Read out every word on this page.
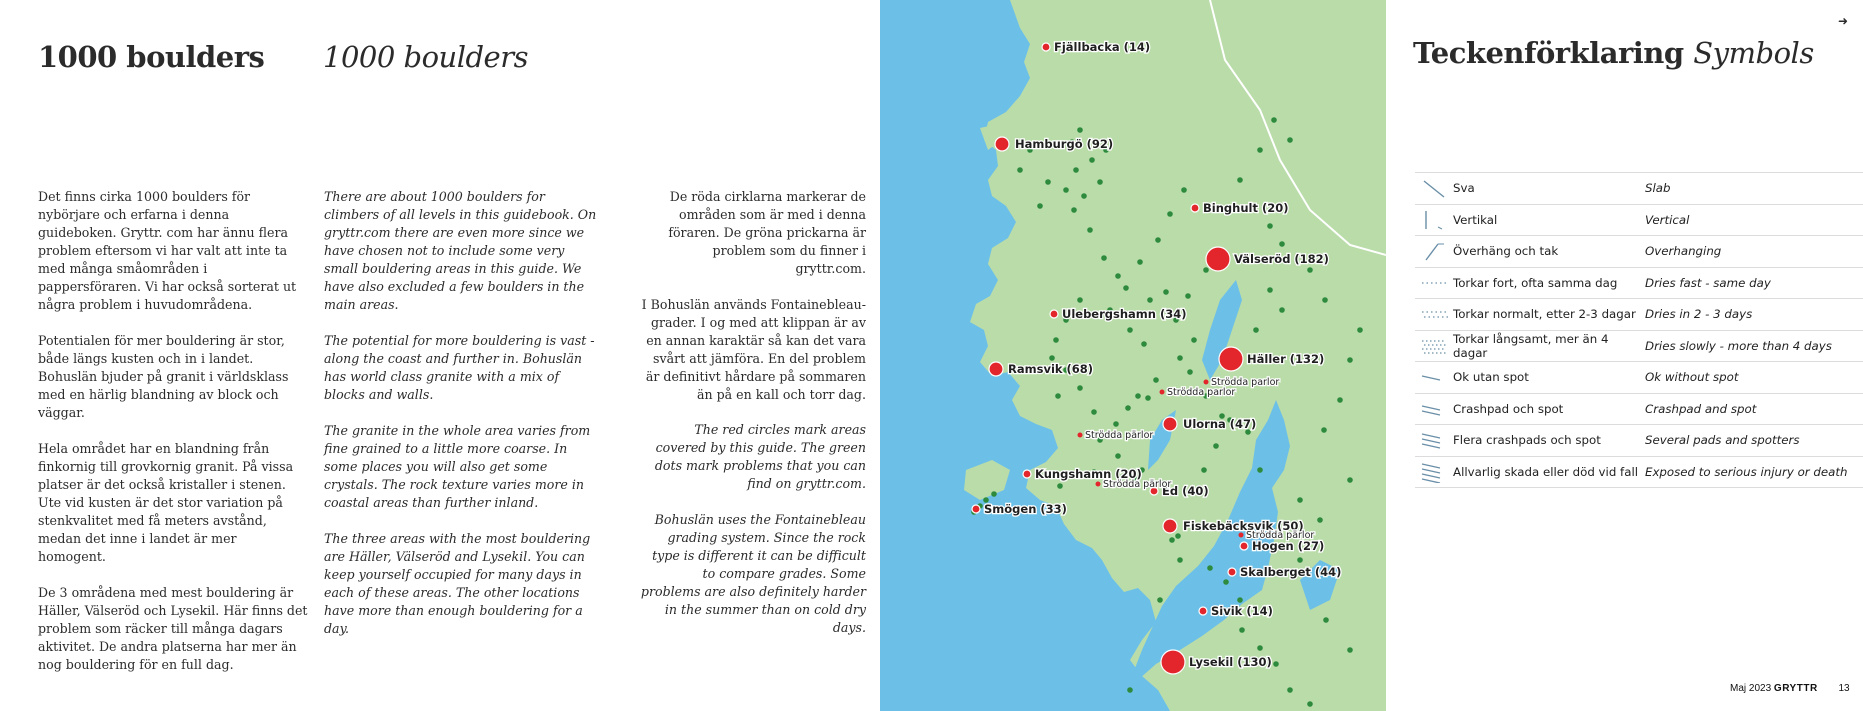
1000 boulders 1000 boulders

Det finns cirka 1000 boulders för nybörjare och erfarna i denna guideboken. Gryttr. com har ännu flera problem eftersom vi har valt att inte ta med många småområden i pappersföraren. Vi har också sorterat ut några problem i huvudområdena.

Potentialen för mer bouldering är stor, både längs kusten och in i landet. Bohuslän bjuder på granit i världsklass med en härlig blandning av block och väggar.

Hela området har en blandning från finkornig till grovkornig granit. På vissa platser är det också kristaller i stenen. Ute vid kusten är det stor variation på stenkvalitet med få meters avstånd, medan det inne i landet är mer homogent.

De 3 områdena med mest bouldering är Häller, Välseröd och Lysekil. Här finns det problem som räcker till många dagars aktivitet. De andra platserna har mer än nog bouldering för en full dag.

There are about 1000 boulders for climbers of all levels in this guidebook. On gryttr.com there are even more since we have chosen not to include some very small bouldering areas in this guide. We have also excluded a few boulders in the main areas.

The potential for more bouldering is vast - along the coast and further in. Bohuslän has world class granite with a mix of blocks and walls.

The granite in the whole area varies from fine grained to a little more coarse. In some places you will also get some crystals. The rock texture varies more in coastal areas than further inland.

The three areas with the most bouldering are Häller, Välseröd and Lysekil. You can keep yourself occupied for many days in each of these areas. The other locations have more than enough bouldering for a day.

De röda cirklarna markerar de områden som är med i denna föraren. De gröna prickarna är problem som du finner i gryttr.com.

I Bohuslän används Fontainebleau-grader. I og med att klippan är av en annan karaktär så kan det vara svårt att jämföra. En del problem är definitivt hårdare på sommaren än på en kall och torr dag.

The red circles mark areas covered by this guide. The green dots mark problems that you can find on gryttr.com.

Bohuslän uses the Fontainebleau grading system. Since the rock type is different it can be difficult to compare grades. Some problems are also definitely harder in the summer than on cold dry days.

Fjällbacka (14)
Hamburgö (92)
Binghult (20)
Välseröd (182)
Ulebergshamn (34)
Häller (132)
Ramsvik (68)
Ulorna (47)
Kungshamn (20)
Ed (40)
Smögen (33)
Fiskebäcksvik (50)
Hogen (27)
Skalberget (44)
Sivik (14)
Lysekil (130)
Strödda parlor
Strödda parlor
Strödda pärlor
Strödda pärlor
Strödda pärlor
Teckenförklaring Symbols
Sva	Slab
Vertikal	Vertical
Överhäng och tak	Overhanging
Torkar fort, ofta samma dag	Dries fast - same day
Torkar normalt, etter 2-3 dagar Dries in 2 - 3 days
Torkar långsamt, mer än 4 dagar	Dries slowly - more than 4 days
Ok utan spot	Ok without spot
Crashpad och spot	Crashpad and spot
Flera crashpads och spot	Several pads and spotters
Allvarlig skada eller död vid fall Exposed to serious injury or death
➜
Maj 2023 GRYTTR 13
